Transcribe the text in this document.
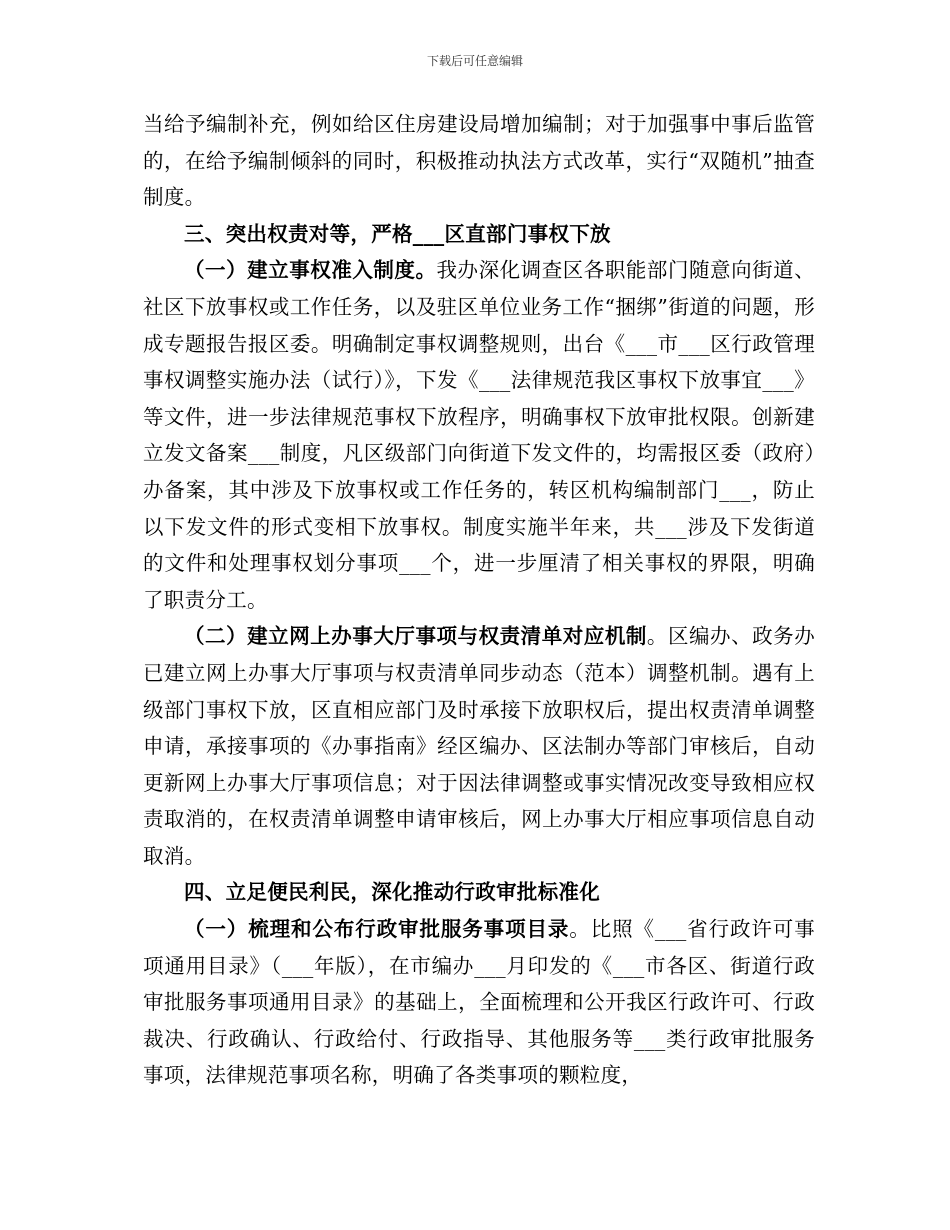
下载后可任意编辑

当给予编制补充，例如给区住房建设局增加编制；对于加强事中事后监管的，在给予编制倾斜的同时，积极推动执法方式改革，实行“双随机”抽查制度。

三、突出权责对等，严格___区直部门事权下放

（一）建立事权准入制度。我办深化调查区各职能部门随意向街道、社区下放事权或工作任务，以及驻区单位业务工作“捆绑”街道的问题，形成专题报告报区委。明确制定事权调整规则，出台《___市___区行政管理事权调整实施办法（试行）》，下发《___法律规范我区事权下放事宜___》等文件，进一步法律规范事权下放程序，明确事权下放审批权限。创新建立发文备案___制度，凡区级部门向街道下发文件的，均需报区委（政府）办备案，其中涉及下放事权或工作任务的，转区机构编制部门___，防止以下发文件的形式变相下放事权。制度实施半年来，共___涉及下发街道的文件和处理事权划分事项___个，进一步厘清了相关事权的界限，明确了职责分工。

（二）建立网上办事大厅事项与权责清单对应机制。区编办、政务办已建立网上办事大厅事项与权责清单同步动态（范本）调整机制。遇有上级部门事权下放，区直相应部门及时承接下放职权后，提出权责清单调整申请，承接事项的《办事指南》经区编办、区法制办等部门审核后，自动更新网上办事大厅事项信息；对于因法律调整或事实情况改变导致相应权责取消的，在权责清单调整申请审核后，网上办事大厅相应事项信息自动取消。

四、立足便民利民，深化推动行政审批标准化

（一）梳理和公布行政审批服务事项目录。比照《___省行政许可事项通用目录》（___年版），在市编办___月印发的《___市各区、街道行政审批服务事项通用目录》的基础上，全面梳理和公开我区行政许可、行政裁决、行政确认、行政给付、行政指导、其他服务等___类行政审批服务事项，法律规范事项名称，明确了各类事项的颗粒度，
